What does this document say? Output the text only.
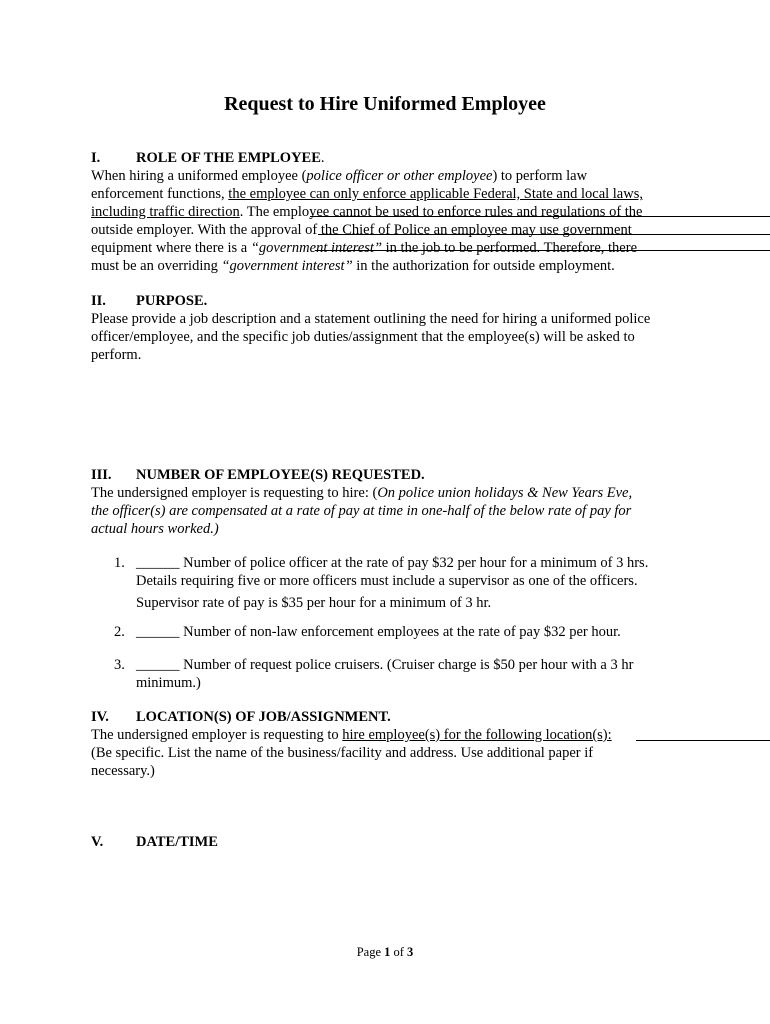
Request to Hire Uniformed Employee
I. ROLE OF THE EMPLOYEE.
When hiring a uniformed employee (police officer or other employee) to perform law
enforcement functions, the employee can only enforce applicable Federal, State and local laws,
including traffic direction. The employee cannot be used to enforce rules and regulations of the
outside employer. With the approval of the Chief of Police an employee may use government
equipment where there is a “government interest” in the job to be performed. Therefore, there
must be an overriding “government interest” in the authorization for outside employment.
II. PURPOSE.
Please provide a job description and a statement outlining the need for hiring a uniformed police
officer/employee, and the specific job duties/assignment that the employee(s) will be asked to
perform.
III. NUMBER OF EMPLOYEE(S) REQUESTED.
The undersigned employer is requesting to hire: (On police union holidays & New Years Eve,
the officer(s) are compensated at a rate of pay at time in one-half of the below rate of pay for
actual hours worked.)
1. ______ Number of police officer at the rate of pay $32 per hour for a minimum of 3 hrs.
Details requiring five or more officers must include a supervisor as one of the officers.
Supervisor rate of pay is $35 per hour for a minimum of 3 hr.
2. ______ Number of non-law enforcement employees at the rate of pay $32 per hour.
3. ______ Number of request police cruisers. (Cruiser charge is $50 per hour with a 3 hr
minimum.)
IV. LOCATION(S) OF JOB/ASSIGNMENT.
The undersigned employer is requesting to hire employee(s) for the following location(s):
(Be specific. List the name of the business/facility and address. Use additional paper if
necessary.)
V. DATE/TIME
Page 1 of 3
